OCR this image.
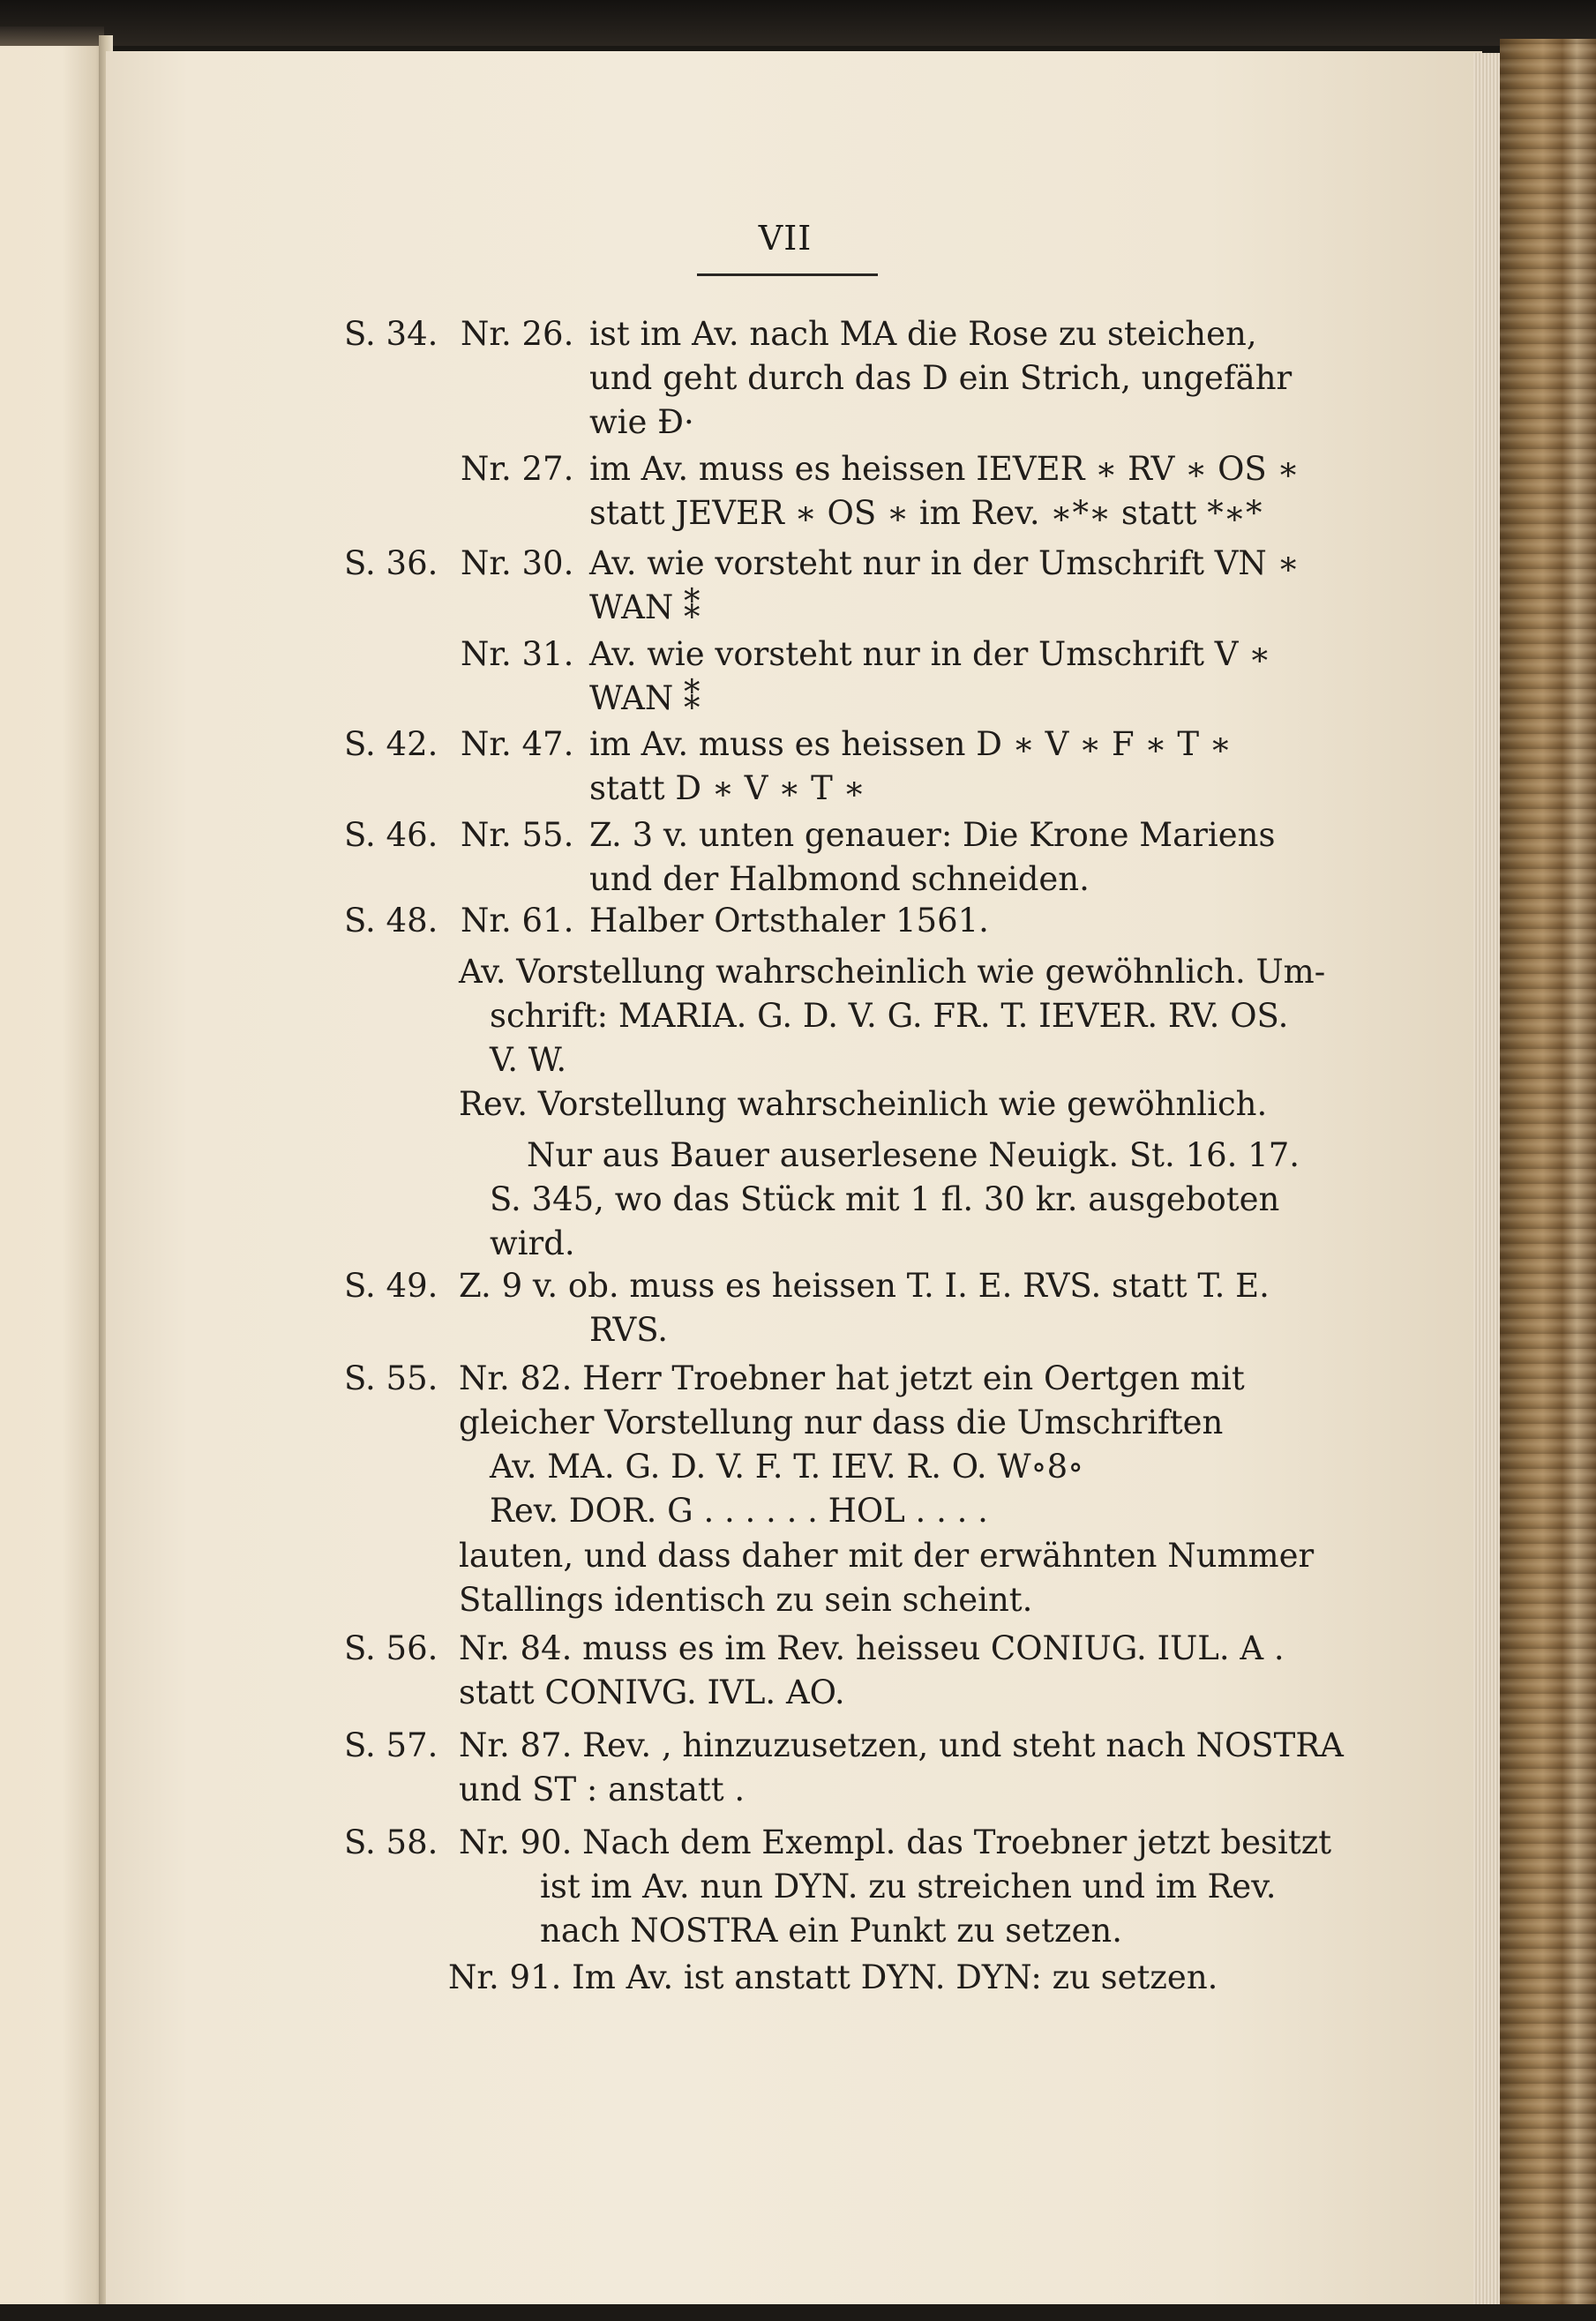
VII
S. 34. Nr. 26. ist im Av. nach MA die Rose zu steichen,
und geht durch das D ein Strich, ungefähr
wie Ð·
Nr. 27. im Av. muss es heissen IEVER ∗ RV ∗ OS ∗
statt JEVER ∗ OS ∗ im Rev. ∗*∗ statt *∗*
S. 36. Nr. 30. Av. wie vorsteht nur in der Umschrift VN ∗
WAN ⁑
Nr. 31. Av. wie vorsteht nur in der Umschrift V ∗
WAN ⁑
S. 42. Nr. 47. im Av. muss es heissen D ∗ V ∗ F ∗ T ∗
statt D ∗ V ∗ T ∗
S. 46. Nr. 55. Z. 3 v. unten genauer: Die Krone Mariens
und der Halbmond schneiden.
S. 48. Nr. 61. Halber Ortsthaler 1561.
Av. Vorstellung wahrscheinlich wie gewöhnlich. Um-
schrift: MARIA. G. D. V. G. FR. T. IEVER. RV. OS.
V. W.
Rev. Vorstellung wahrscheinlich wie gewöhnlich.
Nur aus Bauer auserlesene Neuigk. St. 16. 17.
S. 345, wo das Stück mit 1 fl. 30 kr. ausgeboten
wird.
S. 49. Z. 9 v. ob. muss es heissen T. I. E. RVS. statt T. E.
RVS.
S. 55. Nr. 82. Herr Troebner hat jetzt ein Oertgen mit
gleicher Vorstellung nur dass die Umschriften
Av. MA. G. D. V. F. T. IEV. R. O. W∘8∘
Rev. DOR. G . . . . . . HOL . . . .
lauten, und dass daher mit der erwähnten Nummer
Stallings identisch zu sein scheint.
S. 56. Nr. 84. muss es im Rev. heisseu CONIUG. IUL. A .
statt CONIVG. IVL. AO.
S. 57. Nr. 87. Rev. , hinzuzusetzen, und steht nach NOSTRA
und ST : anstatt .
S. 58. Nr. 90. Nach dem Exempl. das Troebner jetzt besitzt
ist im Av. nun DYN. zu streichen und im Rev.
nach NOSTRA ein Punkt zu setzen.
Nr. 91. Im Av. ist anstatt DYN. DYN: zu setzen.
